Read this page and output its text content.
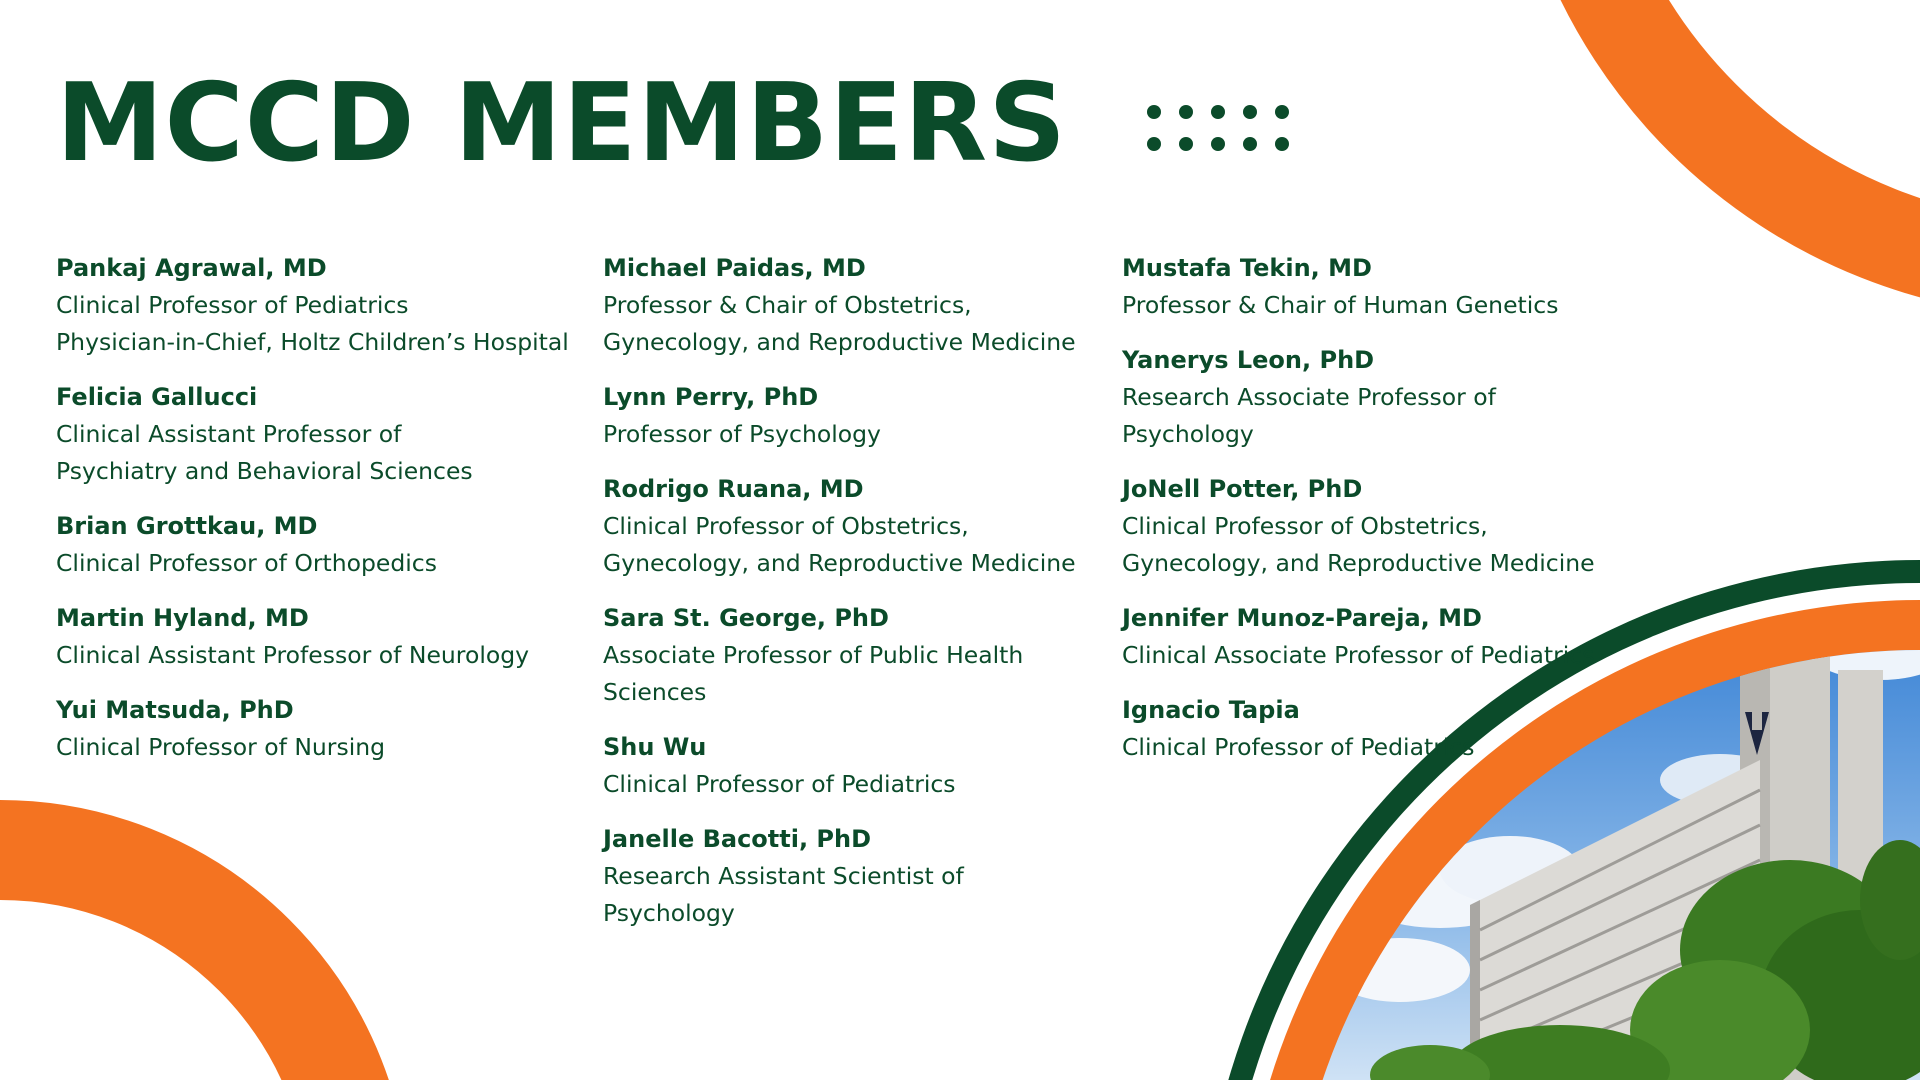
MCCD MEMBERS
Pankaj Agrawal, MD
Clinical Professor of Pediatrics
Physician-in-Chief, Holtz Children’s Hospital
Felicia Gallucci
Clinical Assistant Professor of
Psychiatry and Behavioral Sciences
Brian Grottkau, MD
Clinical Professor of Orthopedics
Martin Hyland, MD
Clinical Assistant Professor of Neurology
Yui Matsuda, PhD
Clinical Professor of Nursing
Michael Paidas, MD
Professor & Chair of Obstetrics,
Gynecology, and Reproductive Medicine
Lynn Perry, PhD
Professor of Psychology
Rodrigo Ruana, MD
Clinical Professor of Obstetrics,
Gynecology, and Reproductive Medicine
Sara St. George, PhD
Associate Professor of Public Health
Sciences
Shu Wu
Clinical Professor of Pediatrics
Janelle Bacotti, PhD
Research Assistant Scientist of
Psychology
Mustafa Tekin, MD
Professor & Chair of Human Genetics
Yanerys Leon, PhD
Research Associate Professor of
Psychology
JoNell Potter, PhD
Clinical Professor of Obstetrics,
Gynecology, and Reproductive Medicine
Jennifer Munoz-Pareja, MD
Clinical Associate Professor of Pediatrics
Ignacio Tapia
Clinical Professor of Pediatrics
